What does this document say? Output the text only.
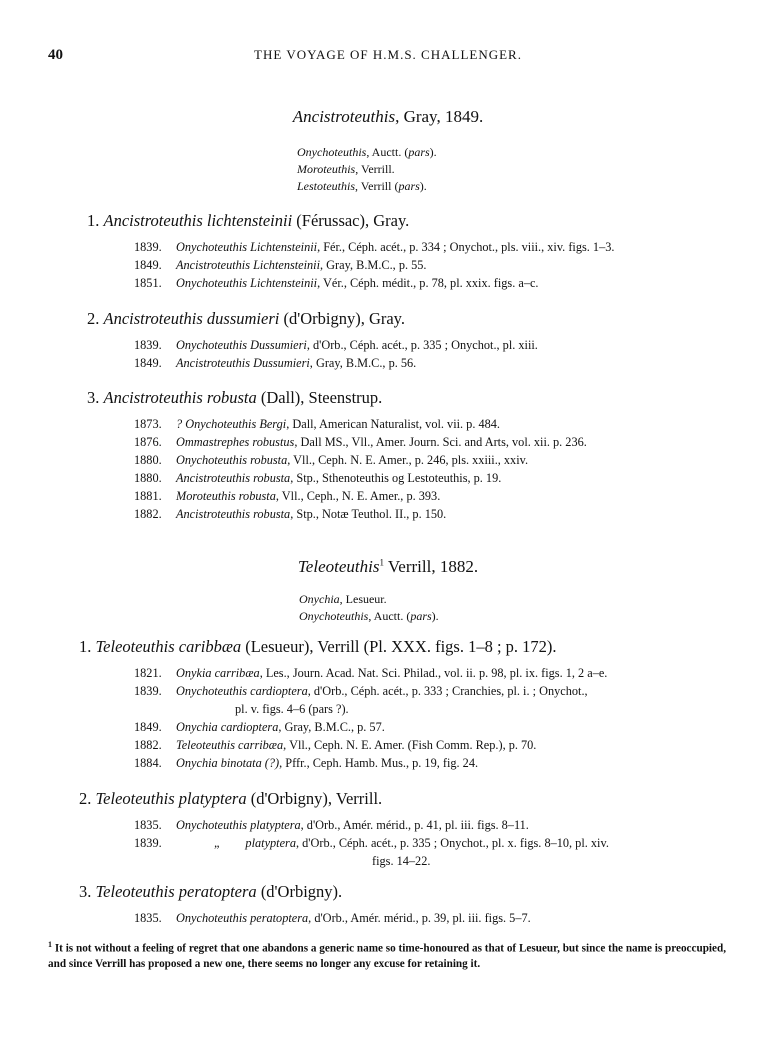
40	THE VOYAGE OF H.M.S. CHALLENGER.
Ancistroteuthis, Gray, 1849.
Onychoteuthis, Auctt. (pars).
Moroteuthis, Verrill.
Lestoteuthis, Verrill (pars).
1. Ancistroteuthis lichtensteinii (Férussac), Gray.
1839. Onychoteuthis Lichtensteinii, Fér., Céph. acét., p. 334 ; Onychot., pls. viii., xiv. figs. 1–3.
1849. Ancistroteuthis Lichtensteinii, Gray, B.M.C., p. 55.
1851. Onychoteuthis Lichtensteinii, Vér., Céph. médit., p. 78, pl. xxix. figs. a–c.
2. Ancistroteuthis dussumieri (d'Orbigny), Gray.
1839. Onychoteuthis Dussumieri, d'Orb., Céph. acét., p. 335 ; Onychot., pl. xiii.
1849. Ancistroteuthis Dussumieri, Gray, B.M.C., p. 56.
3. Ancistroteuthis robusta (Dall), Steenstrup.
1873. ? Onychoteuthis Bergi, Dall, American Naturalist, vol. vii. p. 484.
1876. Ommastrephes robustus, Dall MS., Vll., Amer. Journ. Sci. and Arts, vol. xii. p. 236.
1880. Onychoteuthis robusta, Vll., Ceph. N. E. Amer., p. 246, pls. xxiii., xxiv.
1880. Ancistroteuthis robusta, Stp., Sthenoteuthis og Lestoteuthis, p. 19.
1881. Moroteuthis robusta, Vll., Ceph., N. E. Amer., p. 393.
1882. Ancistroteuthis robusta, Stp., Notæ Teuthol. II., p. 150.
Teleoteuthis$^1$ Verrill, 1882.
Onychia, Lesueur.
Onychoteuthis, Auctt. (pars).
1. Teleoteuthis caribbæa (Lesueur), Verrill (Pl. XXX. figs. 1–8 ; p. 172).
1821. Onykia carribæa, Les., Journ. Acad. Nat. Sci. Philad., vol. ii. p. 98, pl. ix. figs. 1, 2 a–e.
1839. Onychoteuthis cardioptera, d'Orb., Céph. acét., p. 333 ; Cranchies, pl. i. ; Onychot.,
pl. v. figs. 4–6 (pars ?).
1849. Onychia cardioptera, Gray, B.M.C., p. 57.
1882. Teleoteuthis carribæa, Vll., Ceph. N. E. Amer. (Fish Comm. Rep.), p. 70.
1884. Onychia binotata (?), Pffr., Ceph. Hamb. Mus., p. 19, fig. 24.
2. Teleoteuthis platyptera (d'Orbigny), Verrill.
1835. Onychoteuthis platyptera, d'Orb., Amér. mérid., p. 41, pl. iii. figs. 8–11.
1839.	„        platyptera, d'Orb., Céph. acét., p. 335 ; Onychot., pl. x. figs. 8–10, pl. xiv.
figs. 14–22.
3. Teleoteuthis peratoptera (d'Orbigny).
1835. Onychoteuthis peratoptera, d'Orb., Amér. mérid., p. 39, pl. iii. figs. 5–7.
$^1$ It is not without a feeling of regret that one abandons a generic name so time-honoured as that of Lesueur, but since the name is preoccupied, and since Verrill has proposed a new one, there seems no longer any excuse for retaining it.
